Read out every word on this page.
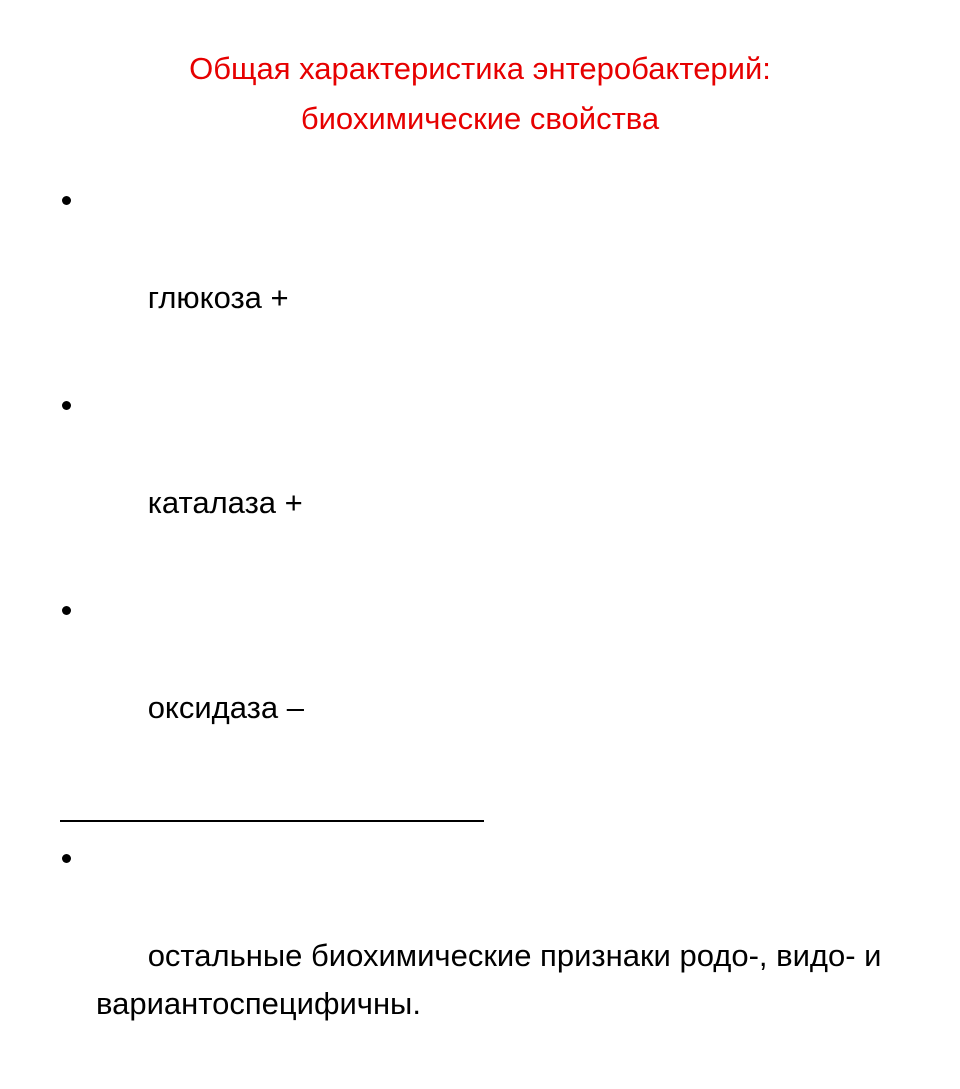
Общая характеристика энтеробактерий:
биохимические свойства

глюкоза +

каталаза +

оксидаза –

остальные биохимические признаки родо-, видо- и вариантоспецифичны.
